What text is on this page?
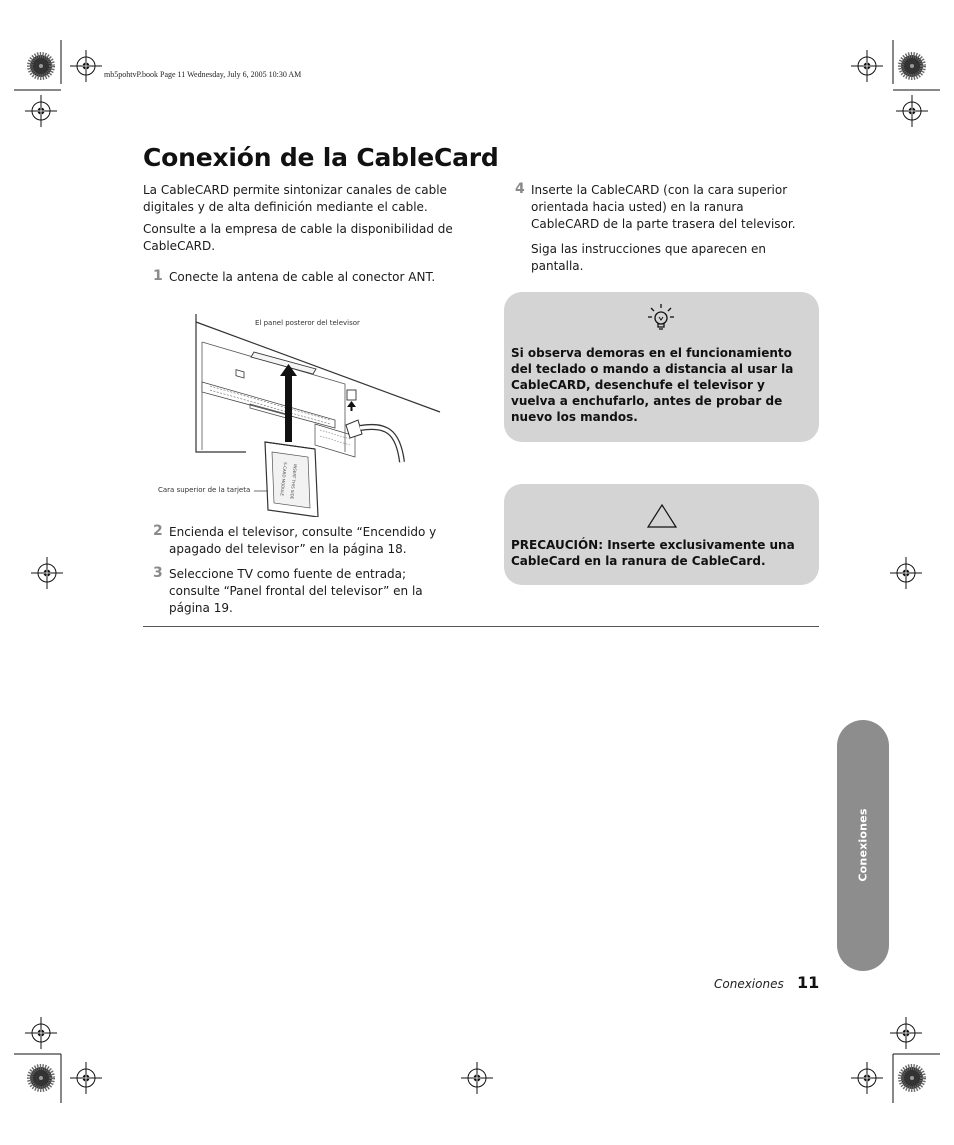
mb5pohtvP.book Page 11 Wednesday, July 6, 2005 10:30 AM
Conexión de la CableCard

La CableCARD permite sintonizar canales de cable digitales y de alta definición mediante el cable.

Consulte a la empresa de cable la disponibilidad de CableCARD.

1 Conecte la antena de cable al conector ANT.
S-CARD MODULE INSERT THIS SIDE
El panel posteror del televisor
Cara superior de la tarjeta
2 Encienda el televisor, consulte “Encendido y apagado del televisor” en la página 18.
3 Seleccione TV como fuente de entrada; consulte “Panel frontal del televisor” en la página 19.
4 Inserte la CableCARD (con la cara superior orientada hacia usted) en la ranura CableCARD de la parte trasera del televisor.

Siga las instrucciones que aparecen en pantalla.

Si observa demoras en el funcionamiento del teclado o mando a distancia al usar la CableCARD, desenchufe el televisor y vuelva a enchufarlo, antes de probar de nuevo los mandos.

PRECAUCIÓN: Inserte exclusivamente una CableCard en la ranura de CableCard.

Conexiones
Conexiones 11
